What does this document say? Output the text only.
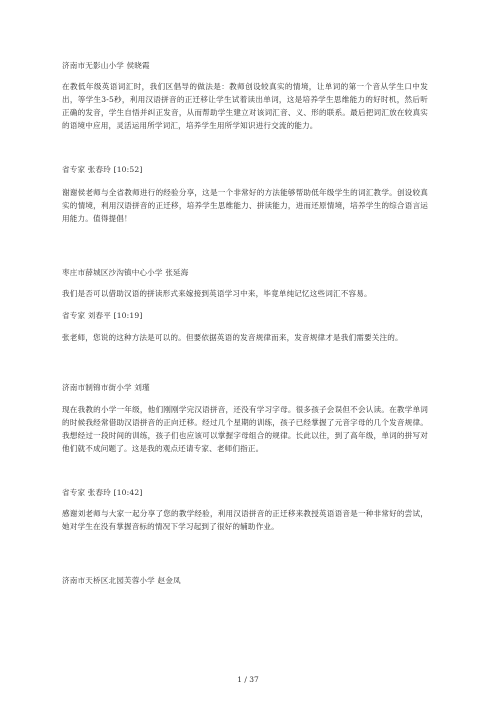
济南市无影山小学 侯晓霞

在教低年级英语词汇时，我们区倡导的做法是：教师创设较真实的情境，让单词的第一个音从学生口中发出，等学生3-5秒，利用汉语拼音的正迁移让学生试着读出单词，这是培养学生思维能力的好时机，然后听正确的发音，学生自悟并纠正发音，从而帮助学生建立对该词汇音、义、形的联系。最后把词汇放在较真实的语境中应用，灵活运用所学词汇，培养学生用所学知识进行交流的能力。

省专家 张春玲 [10:52]

谢谢侯老师与全省教师进行的经验分享，这是一个非常好的方法能够帮助低年级学生的词汇教学。创设较真实的情境，利用汉语拼音的正迁移，培养学生思维能力、拼读能力，进而还原情境，培养学生的综合语言运用能力。值得提倡！

枣庄市薛城区沙沟镇中心小学 张延海

我们是否可以借助汉语的拼读形式来嫁接到英语学习中来，毕竟单纯记忆这些词汇不容易。

省专家 刘春平 [10:19]

张老师，您说的这种方法是可以的。但要依据英语的发音规律而来，发音规律才是我们需要关注的。

济南市制锦市街小学 刘瑾

现在我教的小学一年级，他们刚刚学完汉语拼音，还没有学习字母。很多孩子会误但不会认读。在教学单词的时候我经常借助汉语拼音的正向迁移。经过几个星期的训练，孩子已经掌握了元音字母的几个发音规律。我想经过一段时间的训练，孩子们也应该可以掌握字母组合的规律。长此以往，到了高年级，单词的拼写对他们就不成问题了。这是我的观点还请专家、老师们指正。

省专家 张春玲 [10:42]

感谢刘老师与大家一起分享了您的教学经验，利用汉语拼音的正迁移来教授英语语音是一种非常好的尝试，她对学生在没有掌握音标的情况下学习起到了很好的辅助作业。

济南市天桥区北园芙蓉小学 赵金凤

1 / 37
